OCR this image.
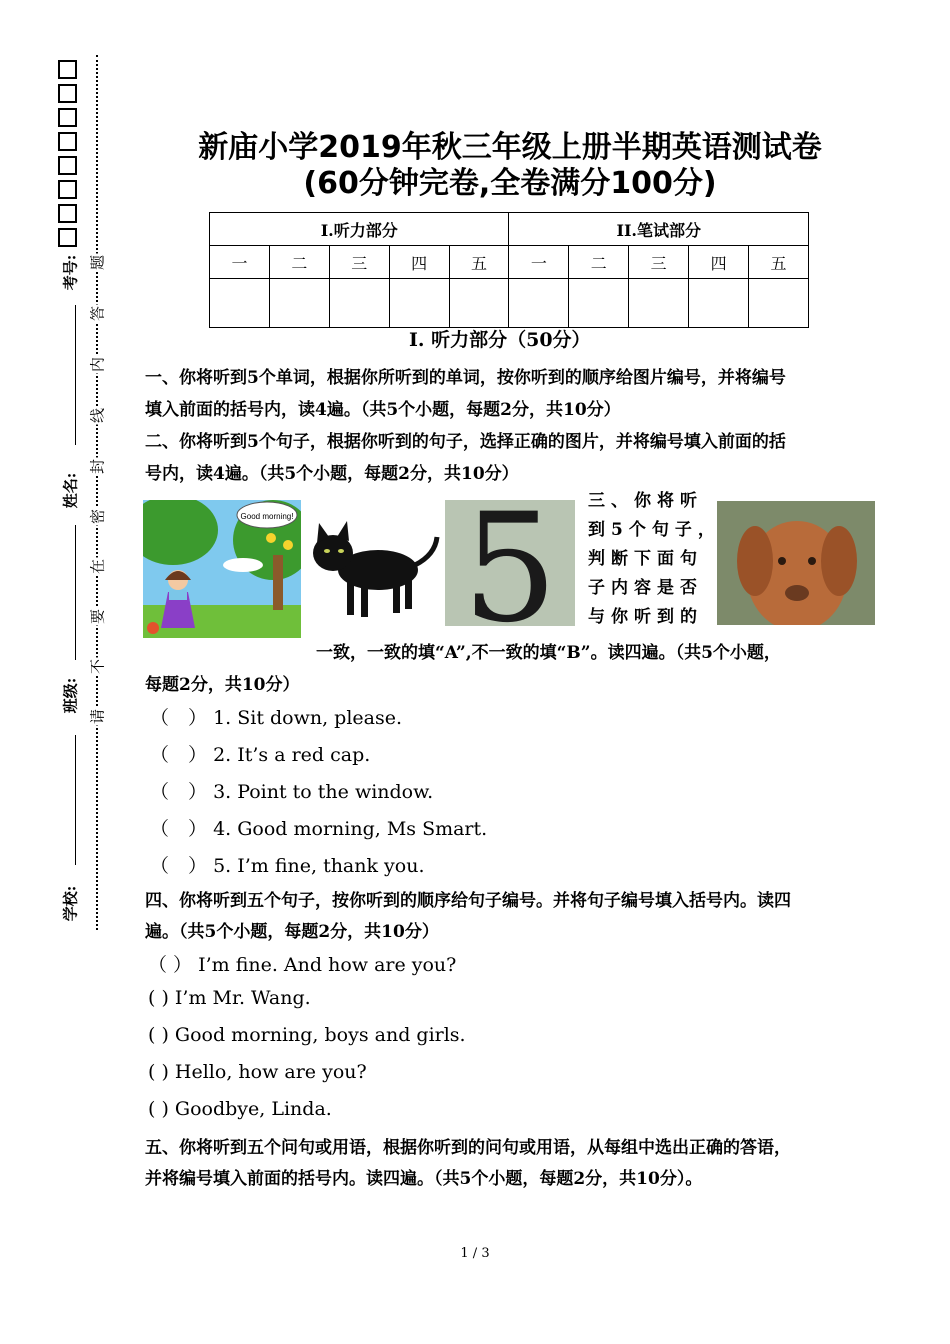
考号:
姓名:
班级:
学校:
题
答
内
线
封
密
在
要
不
请
新庙小学2019年秋三年级上册半期英语测试卷
(60分钟完卷,全卷满分100分)
I.听力部分					II.笔试部分				
一	二	三	四	五	一	二	三	四	五

I. 听力部分（50分）
一、你将听到5个单词，根据你所听到的单词，按你听到的顺序给图片编号，并将编号
填入前面的括号内，读4遍。（共5个小题，每题2分，共10分）
二、你将听到5个句子，根据你听到的句子，选择正确的图片，并将编号填入前面的括
号内，读4遍。（共5个小题，每题2分，共10分）
Good morning! 5	三、你将听
到5个句子，
判断下面句
子内容是否
与你听到的
一致，一致的填“A”,不一致的填“B”。读四遍。（共5个小题，
每题2分，共10分）
（　） 1. Sit down, please.
（　） 2. It’s a red cap.
（　） 3. Point to the window.
（　） 4. Good morning, Ms Smart.
（　） 5. I’m fine, thank you.
四、你将听到五个句子，按你听到的顺序给句子编号。并将句子编号填入括号内。读四
遍。（共5个小题，每题2分，共10分）
（ ） I’m fine. And how are you?
( ) I’m Mr. Wang.
( ) Good morning, boys and girls.
( ) Hello, how are you?
( ) Goodbye, Linda.
五、你将听到五个问句或用语，根据你听到的问句或用语，从每组中选出正确的答语，
并将编号填入前面的括号内。读四遍。（共5个小题，每题2分，共10分）。
1 / 3
